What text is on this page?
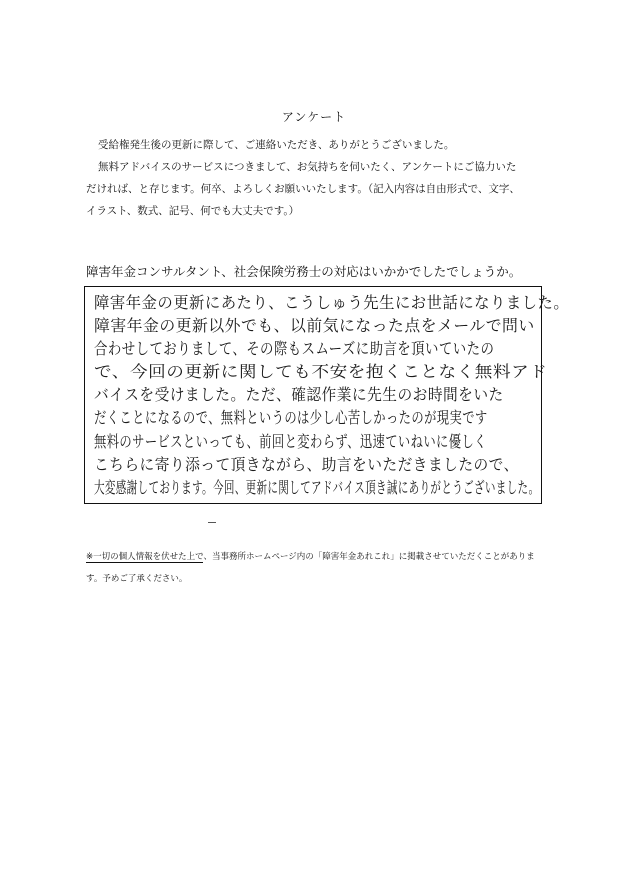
アンケート

受給権発生後の更新に際して、ご連絡いただき、ありがとうございました。

無料アドバイスのサービスにつきまして、お気持ちを伺いたく、アンケートにご協力いた

だければ、と存じます。何卒、よろしくお願いいたします。（記入内容は自由形式で、文字、

イラスト、数式、記号、何でも大丈夫です。）

障害年金コンサルタント、社会保険労務士の対応はいかかでしたでしょうか。
障害年金の更新にあたり、こうしゅう先生にお世話になりました。
障害年金の更新以外でも、以前気になった点をメールで問い
合わせしておりまして、その際もスムーズに助言を頂いていたの
で、今回の更新に関しても不安を抱くことなく無料アド
バイスを受けました。ただ、確認作業に先生のお時間をいた
だくことになるので、無料というのは少し心苦しかったのが現実です
無料のサービスといっても、前回と変わらず、迅速ていねいに優しく
こちらに寄り添って頂きながら、助言をいただきましたので、
大変感謝しております。今回、更新に関してアドバイス頂き誠にありがとうございました。

※一切の個人情報を伏せた上で、当事務所ホームページ内の「障害年金あれこれ」に掲載させていただくことがありま

す。予めご了承ください。
